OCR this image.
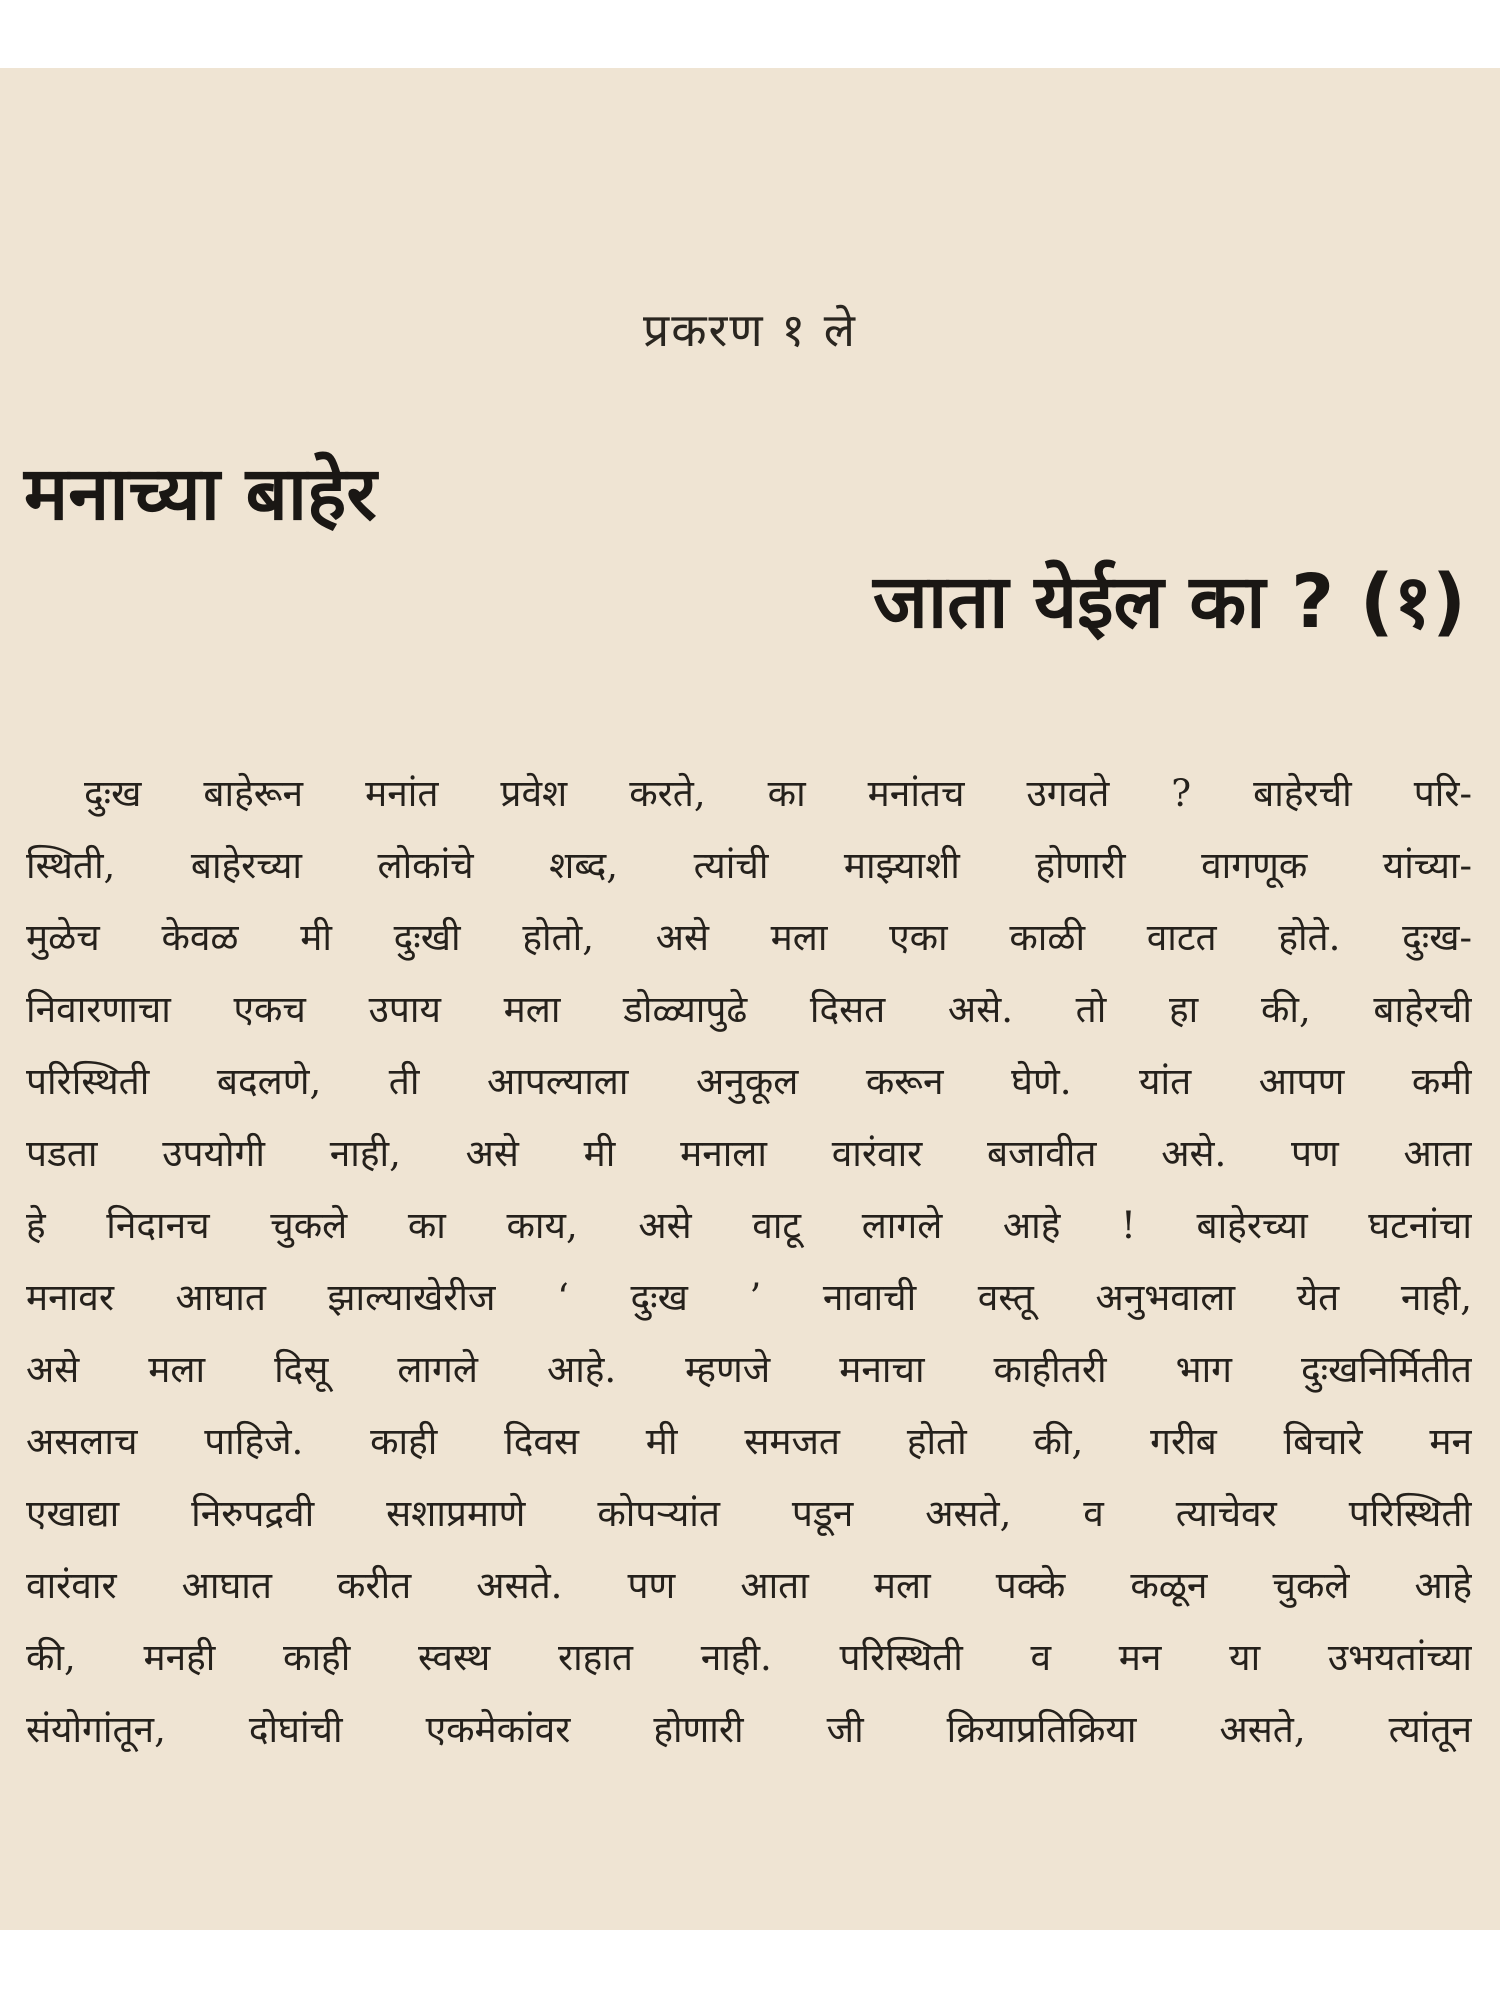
प्रकरण १ ले
मनाच्या बाहेर
जाता येईल का ? (१)
दुःख बाहेरून मनांत प्रवेश करते, का मनांतच उगवते ? बाहेरची परि-
स्थिती, बाहेरच्या लोकांचे शब्द, त्यांची माझ्याशी होणारी वागणूक यांच्या-
मुळेच केवळ मी दुःखी होतो, असे मला एका काळी वाटत होते. दुःख-
निवारणाचा एकच उपाय मला डोळ्यापुढे दिसत असे. तो हा की, बाहेरची
परिस्थिती बदलणे, ती आपल्याला अनुकूल करून घेणे. यांत आपण कमी
पडता उपयोगी नाही, असे मी मनाला वारंवार बजावीत असे. पण आता
हे निदानच चुकले का काय, असे वाटू लागले आहे ! बाहेरच्या घटनांचा
मनावर आघात झाल्याखेरीज ‘ दुःख ’ नावाची वस्तू अनुभवाला येत नाही,
असे मला दिसू लागले आहे. म्हणजे मनाचा काहीतरी भाग दुःखनिर्मितीत
असलाच पाहिजे. काही दिवस मी समजत होतो की, गरीब बिचारे मन
एखाद्या निरुपद्रवी सशाप्रमाणे कोपऱ्यांत पडून असते, व त्याचेवर परिस्थिती
वारंवार आघात करीत असते. पण आता मला पक्के कळून चुकले आहे
की, मनही काही स्वस्थ राहात नाही. परिस्थिती व मन या उभयतांच्या
संयोगांतून, दोघांची एकमेकांवर होणारी जी क्रियाप्रतिक्रिया असते, त्यांतून
